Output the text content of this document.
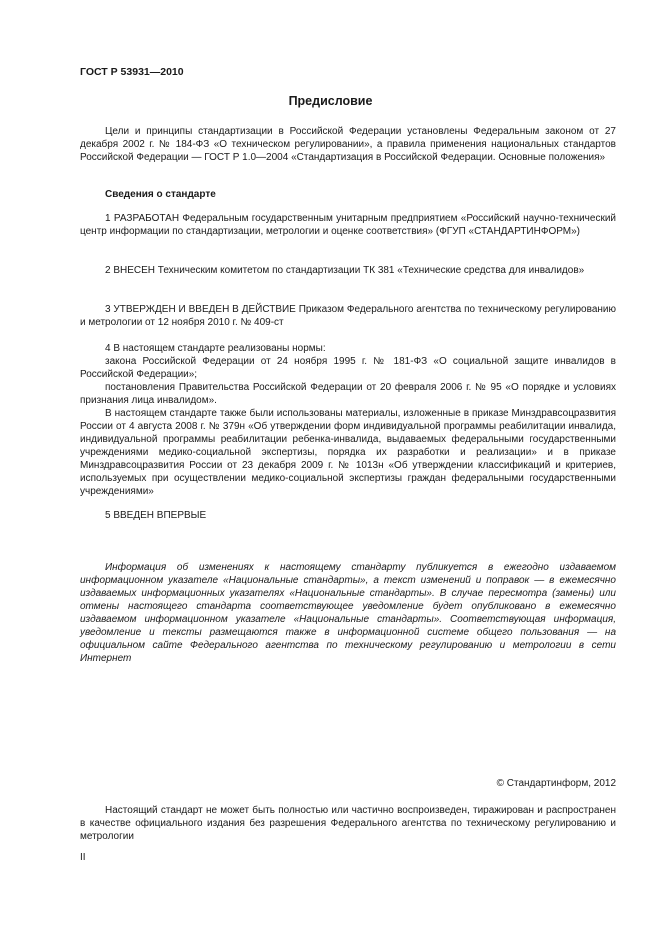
ГОСТ Р 53931—2010
Предисловие

Цели и принципы стандартизации в Российской Федерации установлены Федеральным законом от 27 декабря 2002 г. № 184-ФЗ «О техническом регулировании», а правила применения национальных стандартов Российской Федерации — ГОСТ Р 1.0—2004 «Стандартизация в Российской Федерации. Основные положения»

Сведения о стандарте

1 РАЗРАБОТАН Федеральным государственным унитарным предприятием «Российский научно-технический центр информации по стандартизации, метрологии и оценке соответствия» (ФГУП «СТАНДАРТИНФОРМ»)

2 ВНЕСЕН Техническим комитетом по стандартизации ТК 381 «Технические средства для инвалидов»

3 УТВЕРЖДЕН И ВВЕДЕН В ДЕЙСТВИЕ Приказом Федерального агентства по техническому регулированию и метрологии от 12 ноября 2010 г. № 409-ст

4 В настоящем стандарте реализованы нормы:

закона Российской Федерации от 24 ноября 1995 г. № 181-ФЗ «О социальной защите инвалидов в Российской Федерации»;

постановления Правительства Российской Федерации от 20 февраля 2006 г. № 95 «О порядке и условиях признания лица инвалидом».

В настоящем стандарте также были использованы материалы, изложенные в приказе Минздравсоцразвития России от 4 августа 2008 г. № 379н «Об утверждении форм индивидуальной программы реабилитации инвалида, индивидуальной программы реабилитации ребенка-инвалида, выдаваемых федеральными государственными учреждениями медико-социальной экспертизы, порядка их разработки и реализации» и в приказе Минздравсоцразвития России от 23 декабря 2009 г. № 1013н «Об утверждении классификаций и критериев, используемых при осуществлении медико-социальной экспертизы граждан федеральными государственными учреждениями»

5 ВВЕДЕН ВПЕРВЫЕ

Информация об изменениях к настоящему стандарту публикуется в ежегодно издаваемом информационном указателе «Национальные стандарты», а текст изменений и поправок — в ежемесячно издаваемых информационных указателях «Национальные стандарты». В случае пересмотра (замены) или отмены настоящего стандарта соответствующее уведомление будет опубликовано в ежемесячно издаваемом информационном указателе «Национальные стандарты». Соответствующая информация, уведомление и тексты размещаются также в информационной системе общего пользования — на официальном сайте Федерального агентства по техническому регулированию и метрологии в сети Интернет

© Стандартинформ, 2012

Настоящий стандарт не может быть полностью или частично воспроизведен, тиражирован и распространен в качестве официального издания без разрешения Федерального агентства по техническому регулированию и метрологии

II
